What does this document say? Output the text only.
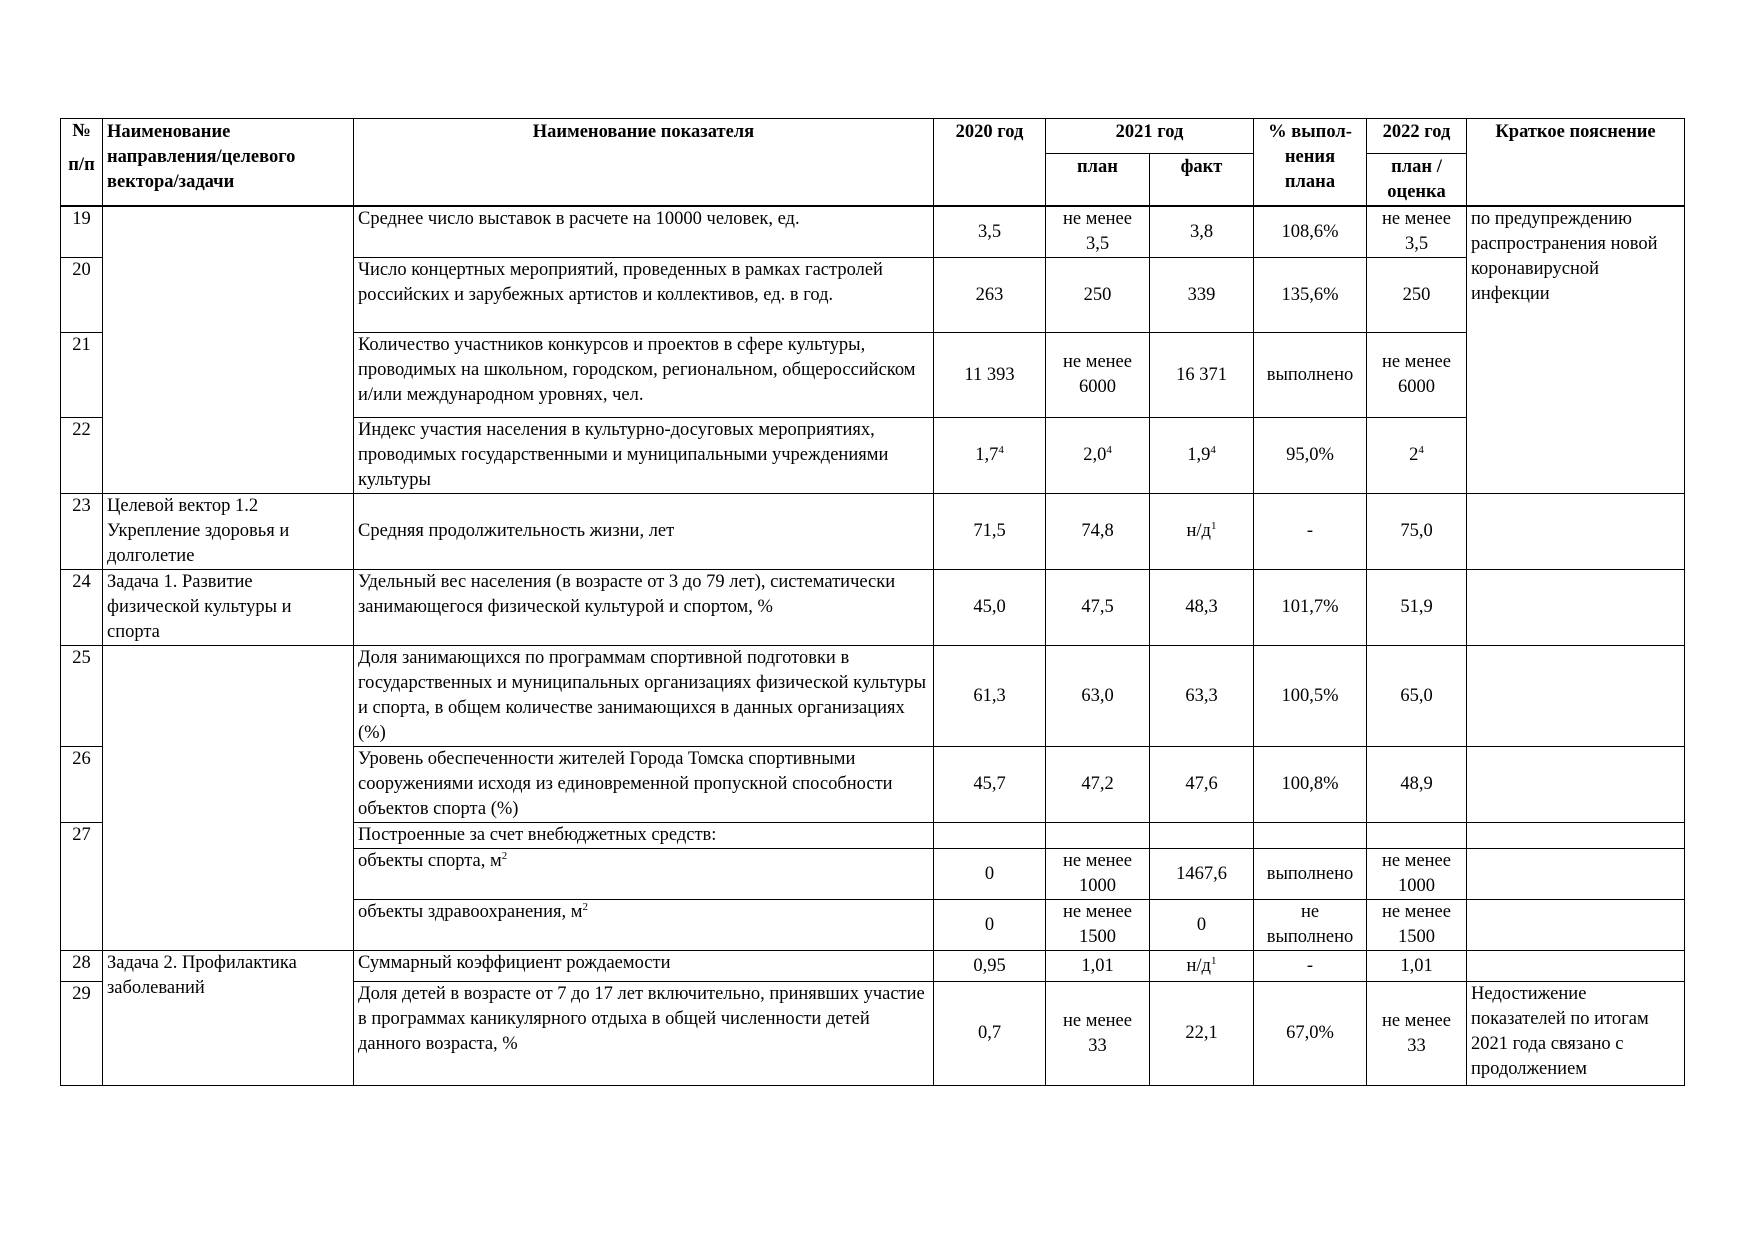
№
п/п	Наименование направления/целевого вектора/задачи	Наименование показателя	2020 год	2021 год		% выпол-
нения
плана	2022 год	Краткое пояснение
				план	факт		план /
оценка	

19		Среднее число выставок в расчете на 10000 человек, ед.	3,5	не менее
3,5	3,8	108,6%	не менее
3,5	по предупреждению
распространения новой
коронавирусной
инфекции

20		Число концертных мероприятий, проведенных в рамках гастролей российских и зарубежных артистов и коллективов, ед. в год.	263	250	339	135,6%	250	
21		Количество участников конкурсов и проектов в сфере культуры, проводимых на школьном, городском, региональном, общероссийском и/или международном уровнях, чел.	11 393	не менее
6000	16 371	выполнено	не менее
6000	

22		Индекс участия населения в культурно-досуговых мероприятиях, проводимых государственными и муниципальными учреждениями культуры	$1,7^4$	$2,0^4$	$1,9^4$	95,0%	$2^4$
23	Целевой вектор 1.2 Укрепление здоровья и долголетие	Средняя продолжительность жизни, лет	71,5	74,8	$н/д^1$	-	75,0	
24	Задача 1. Развитие физической культуры и спорта	Удельный вес населения (в возрасте от 3 до 79 лет), систематически занимающегося физической культурой и спортом, %	45,0	47,5	48,3	101,7%	51,9	
25		Доля занимающихся по программам спортивной подготовки в государственных и муниципальных организациях физической культуры и спорта, в общем количестве занимающихся в данных организациях (%)	61,3	63,0	63,3	100,5%	65,0	
26		Уровень обеспеченности жителей Города Томска спортивными сооружениями исходя из единовременной пропускной способности объектов спорта (%)	45,7	47,2	47,6	100,8%	48,9	
27		Построенные за счет внебюджетных средств:						
		объекты спорта, $м^2$	0	не менее
1000	1467,6	выполнено	не менее
1000	

		объекты здравоохранения, $м^2$	0	не менее
1500	0	не
выполнено	не менее
1500	

28	Задача 2. Профилактика заболеваний	Суммарный коэффициент рождаемости	0,95	1,01	$н/д^1$	-	1,01	
29		Доля детей в возрасте от 7 до 17 лет включительно, принявших участие в программах каникулярного отдыха в общей численности детей данного возраста, %	0,7	не менее
33	22,1	67,0%	не менее
33	Недостижение
показателей по итогам
2021 года связано с
продолжением
